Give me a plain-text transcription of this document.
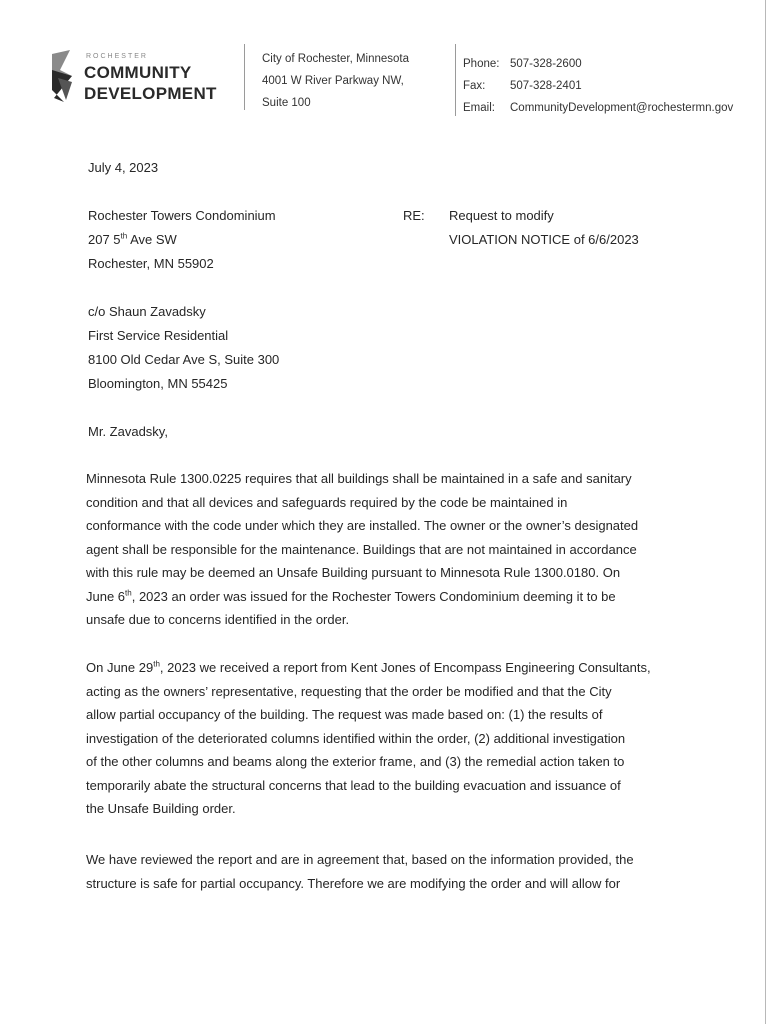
ROCHESTER
COMMUNITY
DEVELOPMENT
City of Rochester, Minnesota
4001 W River Parkway NW,
Suite 100
Phone: 507-328-2600
Fax: 507-328-2401
Email: CommunityDevelopment@rochestermn.gov
July 4, 2023
Rochester Towers Condominium
207 5th Ave SW
Rochester, MN 55902
RE: Request to modify
VIOLATION NOTICE of 6/6/2023
c/o Shaun Zavadsky
First Service Residential
8100 Old Cedar Ave S, Suite 300
Bloomington, MN 55425
Mr. Zavadsky,

Minnesota Rule 1300.0225 requires that all buildings shall be maintained in a safe and sanitary

condition and that all devices and safeguards required by the code be maintained in

conformance with the code under which they are installed. The owner or the owner’s designated

agent shall be responsible for the maintenance. Buildings that are not maintained in accordance

with this rule may be deemed an Unsafe Building pursuant to Minnesota Rule 1300.0180. On

June 6th, 2023 an order was issued for the Rochester Towers Condominium deeming it to be

unsafe due to concerns identified in the order.

On June 29th, 2023 we received a report from Kent Jones of Encompass Engineering Consultants,

acting as the owners’ representative, requesting that the order be modified and that the City

allow partial occupancy of the building. The request was made based on: (1) the results of

investigation of the deteriorated columns identified within the order, (2) additional investigation

of the other columns and beams along the exterior frame, and (3) the remedial action taken to

temporarily abate the structural concerns that lead to the building evacuation and issuance of

the Unsafe Building order.

We have reviewed the report and are in agreement that, based on the information provided, the

structure is safe for partial occupancy. Therefore we are modifying the order and will allow for
